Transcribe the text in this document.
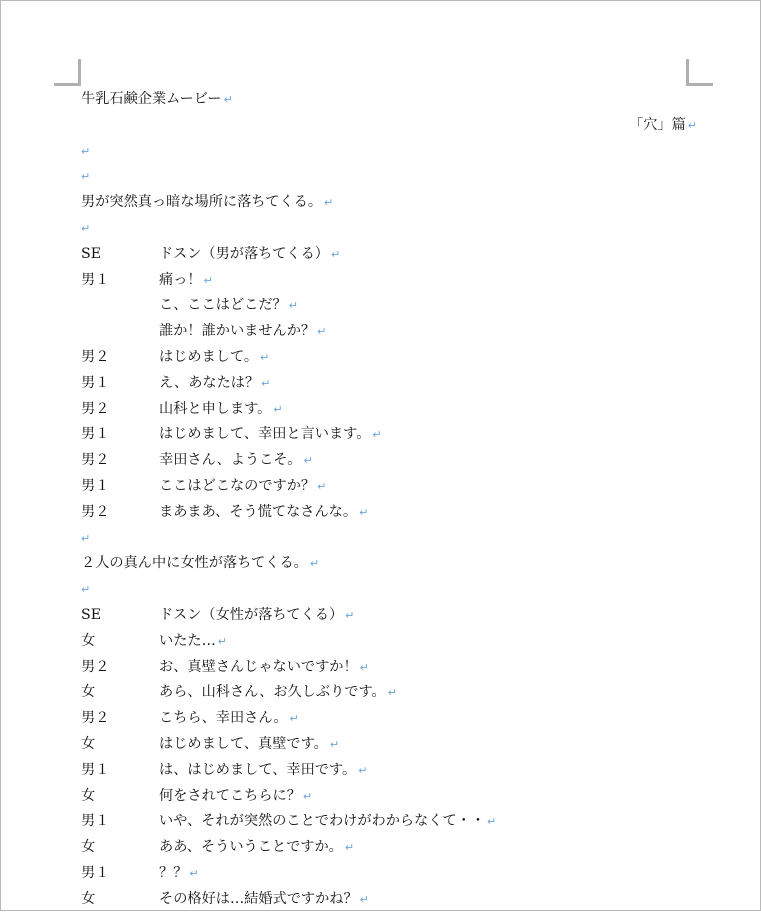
牛乳石鹸企業ムービー ↵
「穴」篇 ↵
↵
↵
男が突然真っ暗な場所に落ちてくる。 ↵
↵
SE	ドスン（男が落ちてくる） ↵
男１	痛っ！ ↵
こ、ここはどこだ？ ↵
誰か！誰かいませんか？ ↵
男２	はじめまして。 ↵
男１	え、あなたは？ ↵
男２	山科と申します。 ↵
男１	はじめまして、幸田と言います。 ↵
男２	幸田さん、ようこそ。 ↵
男１	ここはどこなのですか？ ↵
男２	まあまあ、そう慌てなさんな。 ↵
↵
２人の真ん中に女性が落ちてくる。 ↵
↵
SE	ドスン（女性が落ちてくる） ↵
女	いたた… ↵
男２	お、真壁さんじゃないですか！ ↵
女	あら、山科さん、お久しぶりです。 ↵
男２	こちら、幸田さん。 ↵
女	はじめまして、真壁です。 ↵
男１	は、はじめまして、幸田です。 ↵
女	何をされてこちらに？ ↵
男１	いや、それが突然のことでわけがわからなくて・・ ↵
女	ああ、そういうことですか。 ↵
男１	？？ ↵
女	その格好は…結婚式ですかね？ ↵
